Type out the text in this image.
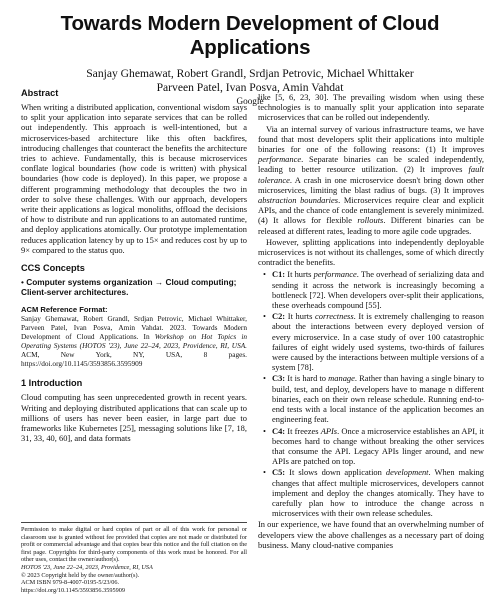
Towards Modern Development of Cloud Applications
Sanjay Ghemawat, Robert Grandl, Srdjan Petrovic, Michael Whittaker
Parveen Patel, Ivan Posva, Amin Vahdat
Google
Abstract

When writing a distributed application, conventional wisdom says to split your application into separate services that can be rolled out independently. This approach is well-intentioned, but a microservices-based architecture like this often backfires, introducing challenges that counteract the benefits the architecture tries to achieve. Fundamentally, this is because microservices conflate logical boundaries (how code is written) with physical boundaries (how code is deployed). In this paper, we propose a different programming methodology that decouples the two in order to solve these challenges. With our approach, developers write their applications as logical monoliths, offload the decisions of how to distribute and run applications to an automated runtime, and deploy applications atomically. Our prototype implementation reduces application latency by up to 15× and reduces cost by up to 9× compared to the status quo.

CCS Concepts
• Computer systems organization → Cloud computing; Client-server architectures.
ACM Reference Format:
Sanjay Ghemawat, Robert Grandl, Srdjan Petrovic, Michael Whittaker, Parveen Patel, Ivan Posva, Amin Vahdat. 2023. Towards Modern Development of Cloud Applications. In Workshop on Hot Topics in Operating Systems (HOTOS '23), June 22–24, 2023, Providence, RI, USA. ACM, New York, NY, USA, 8 pages. https://doi.org/10.1145/3593856.3595909
1 Introduction

Cloud computing has seen unprecedented growth in recent years. Writing and deploying distributed applications that can scale up to millions of users has never been easier, in large part due to frameworks like Kubernetes [25], messaging solutions like [7, 18, 31, 33, 40, 60], and data formats

Permission to make digital or hard copies of part or all of this work for personal or classroom use is granted without fee provided that copies are not made or distributed for profit or commercial advantage and that copies bear this notice and the full citation on the first page. Copyrights for third-party components of this work must be honored. For all other uses, contact the owner/author(s).
HOTOS '23, June 22–24, 2023, Providence, RI, USA
© 2023 Copyright held by the owner/author(s).
ACM ISBN 979-8-4007-0195-5/23/06.
https://doi.org/10.1145/3593856.3595909

like [5, 6, 23, 30]. The prevailing wisdom when using these technologies is to manually split your application into separate microservices that can be rolled out independently.

Via an internal survey of various infrastructure teams, we have found that most developers split their applications into multiple binaries for one of the following reasons: (1) It improves performance. Separate binaries can be scaled independently, leading to better resource utilization. (2) It improves fault tolerance. A crash in one microservice doesn't bring down other microservices, limiting the blast radius of bugs. (3) It improves abstraction boundaries. Microservices require clear and explicit APIs, and the chance of code entanglement is severely minimized. (4) It allows for flexible rollouts. Different binaries can be released at different rates, leading to more agile code upgrades.

However, splitting applications into independently deployable microservices is not without its challenges, some of which directly contradict the benefits.

• C1: It hurts performance. The overhead of serializing data and sending it across the network is increasingly becoming a bottleneck [72]. When developers over-split their applications, these overheads compound [55].
• C2: It hurts correctness. It is extremely challenging to reason about the interactions between every deployed version of every microservice. In a case study of over 100 catastrophic failures of eight widely used systems, two-thirds of failures were caused by the interactions between multiple versions of a system [78].
• C3: It is hard to manage. Rather than having a single binary to build, test, and deploy, developers have to manage n different binaries, each on their own release schedule. Running end-to-end tests with a local instance of the application becomes an engineering feat.
• C4: It freezes APIs. Once a microservice establishes an API, it becomes hard to change without breaking the other services that consume the API. Legacy APIs linger around, and new APIs are patched on top.
• C5: It slows down application development. When making changes that affect multiple microservices, developers cannot implement and deploy the changes atomically. They have to carefully plan how to introduce the change across n microservices with their own release schedules.

In our experience, we have found that an overwhelming number of developers view the above challenges as a necessary part of doing business. Many cloud-native companies
